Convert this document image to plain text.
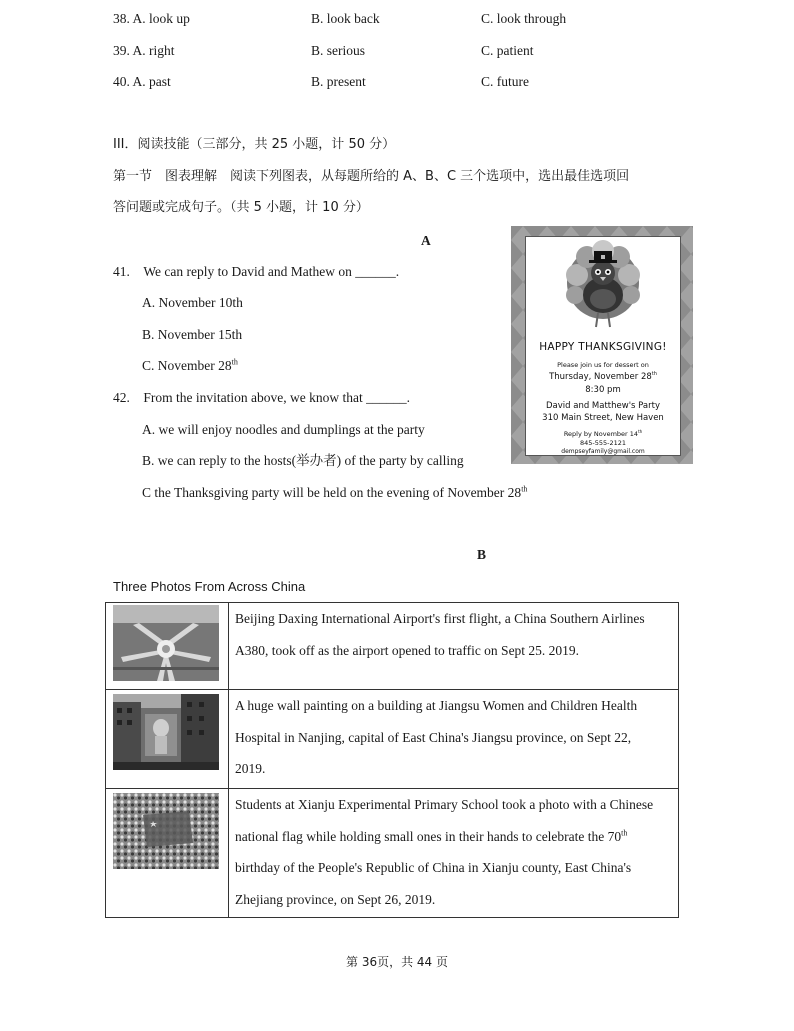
38. A. look up	B. look back	C. look through
39. A. right	B. serious	C. patient
40. A. past	B. present	C. future
III．阅读技能（三部分，共 25 小题，计 50 分）
第一节　图表理解　阅读下列图表，从每题所给的 A、B、C 三个选项中，选出最佳选项回
答问题或完成句子。（共 5 小题，计 10 分）
A
41.　We can reply to David and Mathew on ______.
A. November 10th
B. November 15th
C. November 28th
42.　From the invitation above, we know that ______.
A. we will enjoy noodles and dumplings at the party
B. we can reply to the hosts(举办者) of the party by calling
C the Thanksgiving party will be held on the evening of November 28th
HAPPY THANKSGIVING!
Please join us for dessert on
Thursday, November 28th
8:30 pm
David and Matthew's Party
310 Main Street, New Haven
Reply by November 14th
845-555-2121
dempseyfamily@gmail.com
B
Three Photos From Across China

Beijing Daxing International Airport's first flight, a China Southern Airlines
A380, took off as the airport opened to traffic on Sept 25. 2019.

A huge wall painting on a building at Jiangsu Women and Children Health
Hospital in Nanjing, capital of East China's Jiangsu province, on Sept 22,
2019.

Students at Xianju Experimental Primary School took a photo with a Chinese
national flag while holding small ones in their hands to celebrate the 70th
birthday of the People's Republic of China in Xianju county, East China's
Zhejiang province, on Sept 26, 2019.
第 36页，共 44 页
